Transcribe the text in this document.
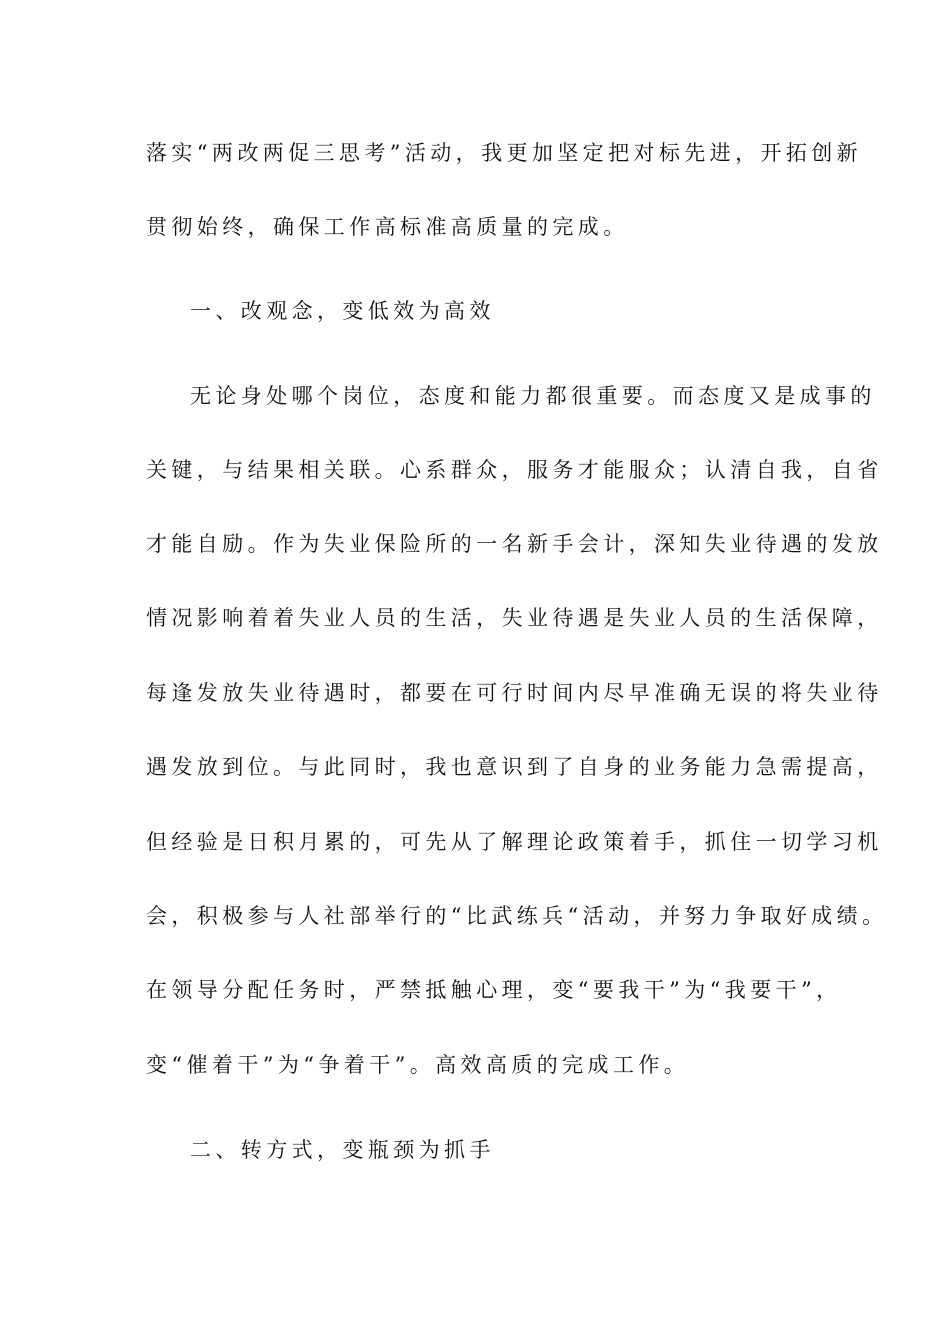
落实“两改两促三思考”活动，我更加坚定把对标先进，开拓创新

贯彻始终，确保工作高标准高质量的完成。

一、改观念，变低效为高效

无论身处哪个岗位，态度和能力都很重要。而态度又是成事的

关键，与结果相关联。心系群众，服务才能服众；认清自我，自省

才能自励。作为失业保险所的一名新手会计，深知失业待遇的发放

情况影响着着失业人员的生活，失业待遇是失业人员的生活保障，

每逢发放失业待遇时，都要在可行时间内尽早准确无误的将失业待

遇发放到位。与此同时，我也意识到了自身的业务能力急需提高，

但经验是日积月累的，可先从了解理论政策着手，抓住一切学习机

会，积极参与人社部举行的“比武练兵“活动，并努力争取好成绩。

在领导分配任务时，严禁抵触心理，变“要我干”为“我要干”，

变“催着干”为“争着干”。高效高质的完成工作。

二、转方式，变瓶颈为抓手
